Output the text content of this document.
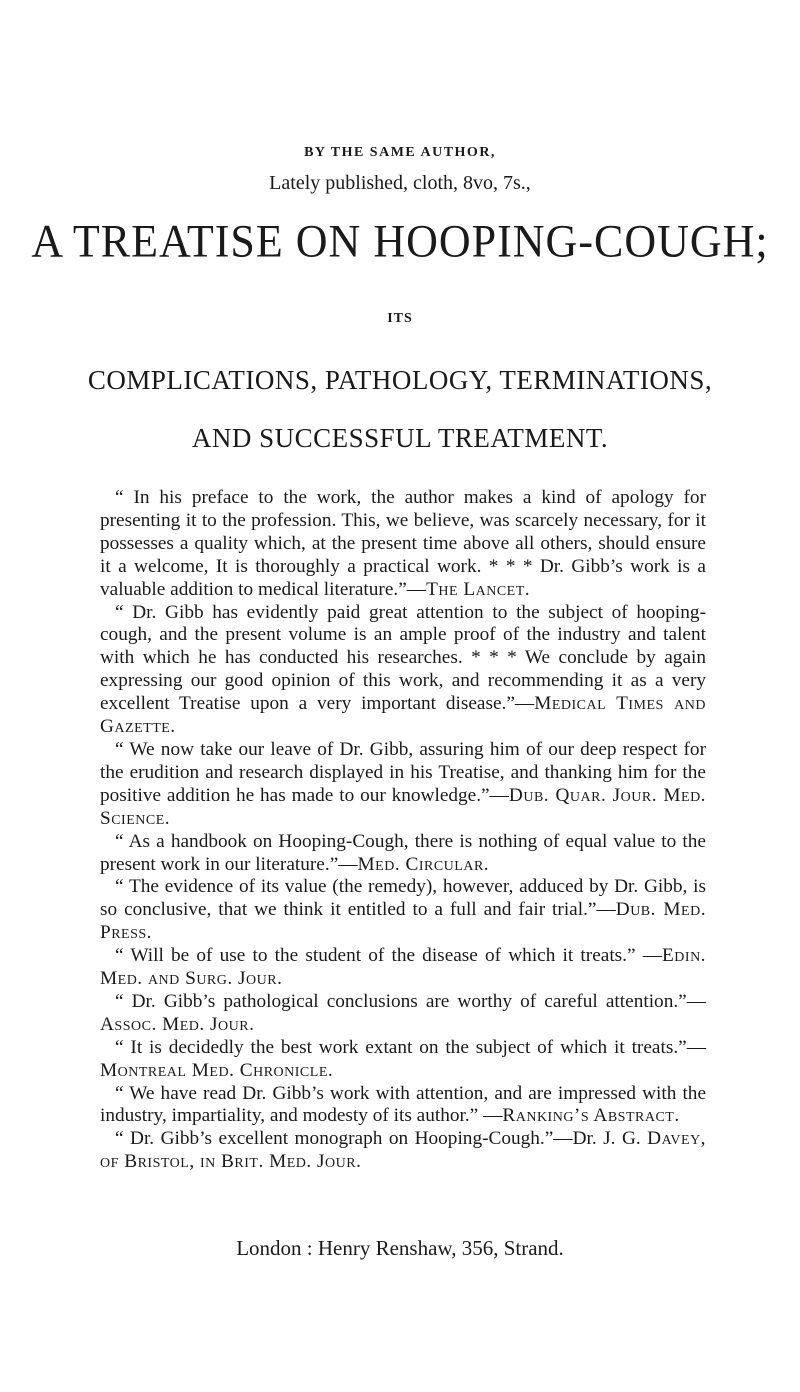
BY THE SAME AUTHOR,
Lately published, cloth, 8vo, 7s.,
A TREATISE ON HOOPING-COUGH;
ITS
COMPLICATIONS, PATHOLOGY, TERMINATIONS,
AND SUCCESSFUL TREATMENT.

“ In his preface to the work, the author makes a kind of apology for presenting it to the profession. This, we believe, was scarcely necessary, for it possesses a quality which, at the present time above all others, should ensure it a welcome, It is thoroughly a practical work. * * * Dr. Gibb’s work is a valuable addition to medical literature.”—The Lancet.

“ Dr. Gibb has evidently paid great attention to the subject of hooping-cough, and the present volume is an ample proof of the industry and talent with which he has conducted his researches. * * * We conclude by again expressing our good opinion of this work, and recommending it as a very excellent Treatise upon a very important disease.”—Medical Times and Gazette.

“ We now take our leave of Dr. Gibb, assuring him of our deep respect for the erudition and research displayed in his Treatise, and thanking him for the positive addition he has made to our knowledge.”—Dub. Quar. Jour. Med. Science.

“ As a handbook on Hooping-Cough, there is nothing of equal value to the present work in our literature.”—Med. Circular.

“ The evidence of its value (the remedy), however, adduced by Dr. Gibb, is so conclusive, that we think it entitled to a full and fair trial.”—Dub. Med. Press.

“ Will be of use to the student of the disease of which it treats.” —Edin. Med. and Surg. Jour.

“ Dr. Gibb’s pathological conclusions are worthy of careful attention.”—Assoc. Med. Jour.

“ It is decidedly the best work extant on the subject of which it treats.”—Montreal Med. Chronicle.

“ We have read Dr. Gibb’s work with attention, and are impressed with the industry, impartiality, and modesty of its author.” —Ranking’s Abstract.

“ Dr. Gibb’s excellent monograph on Hooping-Cough.”—Dr. J. G. Davey, of Bristol, in Brit. Med. Jour.

London : Henry Renshaw, 356, Strand.
